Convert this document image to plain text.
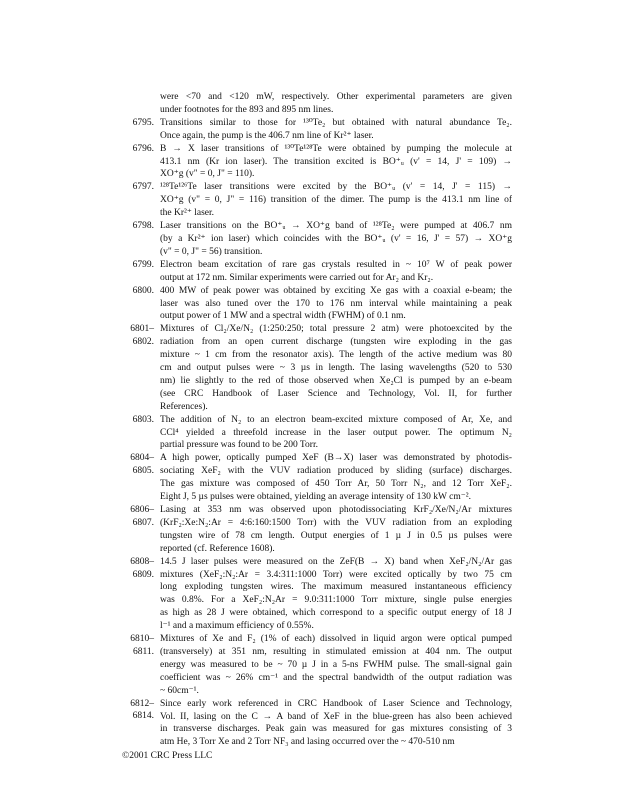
were <70 and <120 mW, respectively. Other experimental parameters are given
under footnotes for the 893 and 895 nm lines.
6795. Transitions similar to those for ¹³⁰Te₂ but obtained with natural abundance Te₂.
Once again, the pump is the 406.7 nm line of Kr²⁺ laser.
6796. B → X laser transitions of ¹³⁰Te¹²⁸Te were obtained by pumping the molecule at
413.1 nm (Kr ion laser). The transition excited is BO⁺ᵤ (v' = 14, J' = 109) →
XO⁺g (v" = 0, J" = 110).
6797. ¹²⁸Te¹²⁶Te laser transitions were excited by the BO⁺ᵤ (v' = 14, J' = 115) →
XO⁺g (v" = 0, J" = 116) transition of the dimer. The pump is the 413.1 nm line of
the Kr²⁺ laser.
6798. Laser transitions on the BO⁺ᵤ → XO⁺g band of ¹²⁸Te₂ were pumped at 406.7 nm
(by a Kr²⁺ ion laser) which coincides with the BO⁺ᵤ (v' = 16, J' = 57) → XO⁺g
(v" = 0, J" = 56) transition.
6799. Electron beam excitation of rare gas crystals resulted in ~ 10⁷ W of peak power
output at 172 nm. Similar experiments were carried out for Ar₂ and Kr₂.
6800. 400 MW of peak power was obtained by exciting Xe gas with a coaxial e-beam; the
laser was also tuned over the 170 to 176 nm interval while maintaining a peak
output power of 1 MW and a spectral width (FWHM) of 0.1 nm.
6801– Mixtures of Cl₂/Xe/N₂ (1:250:250; total pressure 2 atm) were photoexcited by the
6802. radiation from an open current discharge (tungsten wire exploding in the gas
mixture ~ 1 cm from the resonator axis). The length of the active medium was 80
cm and output pulses were ~ 3 µs in length. The lasing wavelengths (520 to 530
nm) lie slightly to the red of those observed when Xe₂Cl is pumped by an e-beam
(see CRC Handbook of Laser Science and Technology, Vol. II, for further
References).
6803. The addition of N₂ to an electron beam-excited mixture composed of Ar, Xe, and
CCl⁴ yielded a threefold increase in the laser output power. The optimum N₂
partial pressure was found to be 200 Torr.
6804– A high power, optically pumped XeF (B→X) laser was demonstrated by photodis-
6805. sociating XeF₂ with the VUV radiation produced by sliding (surface) discharges.
The gas mixture was composed of 450 Torr Ar, 50 Torr N₂, and 12 Torr XeF₂.
Eight J, 5 µs pulses were obtained, yielding an average intensity of 130 kW cm⁻².
6806– Lasing at 353 nm was observed upon photodissociating KrF₂/Xe/N₂/Ar mixtures
6807. (KrF₂:Xe:N₂:Ar = 4:6:160:1500 Torr) with the VUV radiation from an exploding
tungsten wire of 78 cm length. Output energies of 1 µ J in 0.5 µs pulses were
reported (cf. Reference 1608).
6808– 14.5 J laser pulses were measured on the ZeF(B → X) band when XeF₂/N₂/Ar gas
6809. mixtures (XeF₂:N₂:Ar = 3.4:311:1000 Torr) were excited optically by two 75 cm
long exploding tungsten wires. The maximum measured instantaneous efficiency
was 0.8%. For a XeF₂:N₂Ar = 9.0:311:1000 Torr mixture, single pulse energies
as high as 28 J were obtained, which correspond to a specific output energy of 18 J
l⁻¹ and a maximum efficiency of 0.55%.
6810– Mixtures of Xe and F₂ (1% of each) dissolved in liquid argon were optical pumped
6811. (transversely) at 351 nm, resulting in stimulated emission at 404 nm. The output
energy was measured to be ~ 70 µ J in a 5-ns FWHM pulse. The small-signal gain
coefficient was ~ 26% cm⁻¹ and the spectral bandwidth of the output radiation was
~ 60cm⁻¹.
6812– Since early work referenced in CRC Handbook of Laser Science and Technology,
6814. Vol. II, lasing on the C → A band of XeF in the blue-green has also been achieved
in transverse discharges. Peak gain was measured for gas mixtures consisting of 3
atm He, 3 Torr Xe and 2 Torr NF₃ and lasing occurred over the ~ 470-510 nm
©2001 CRC Press LLC
